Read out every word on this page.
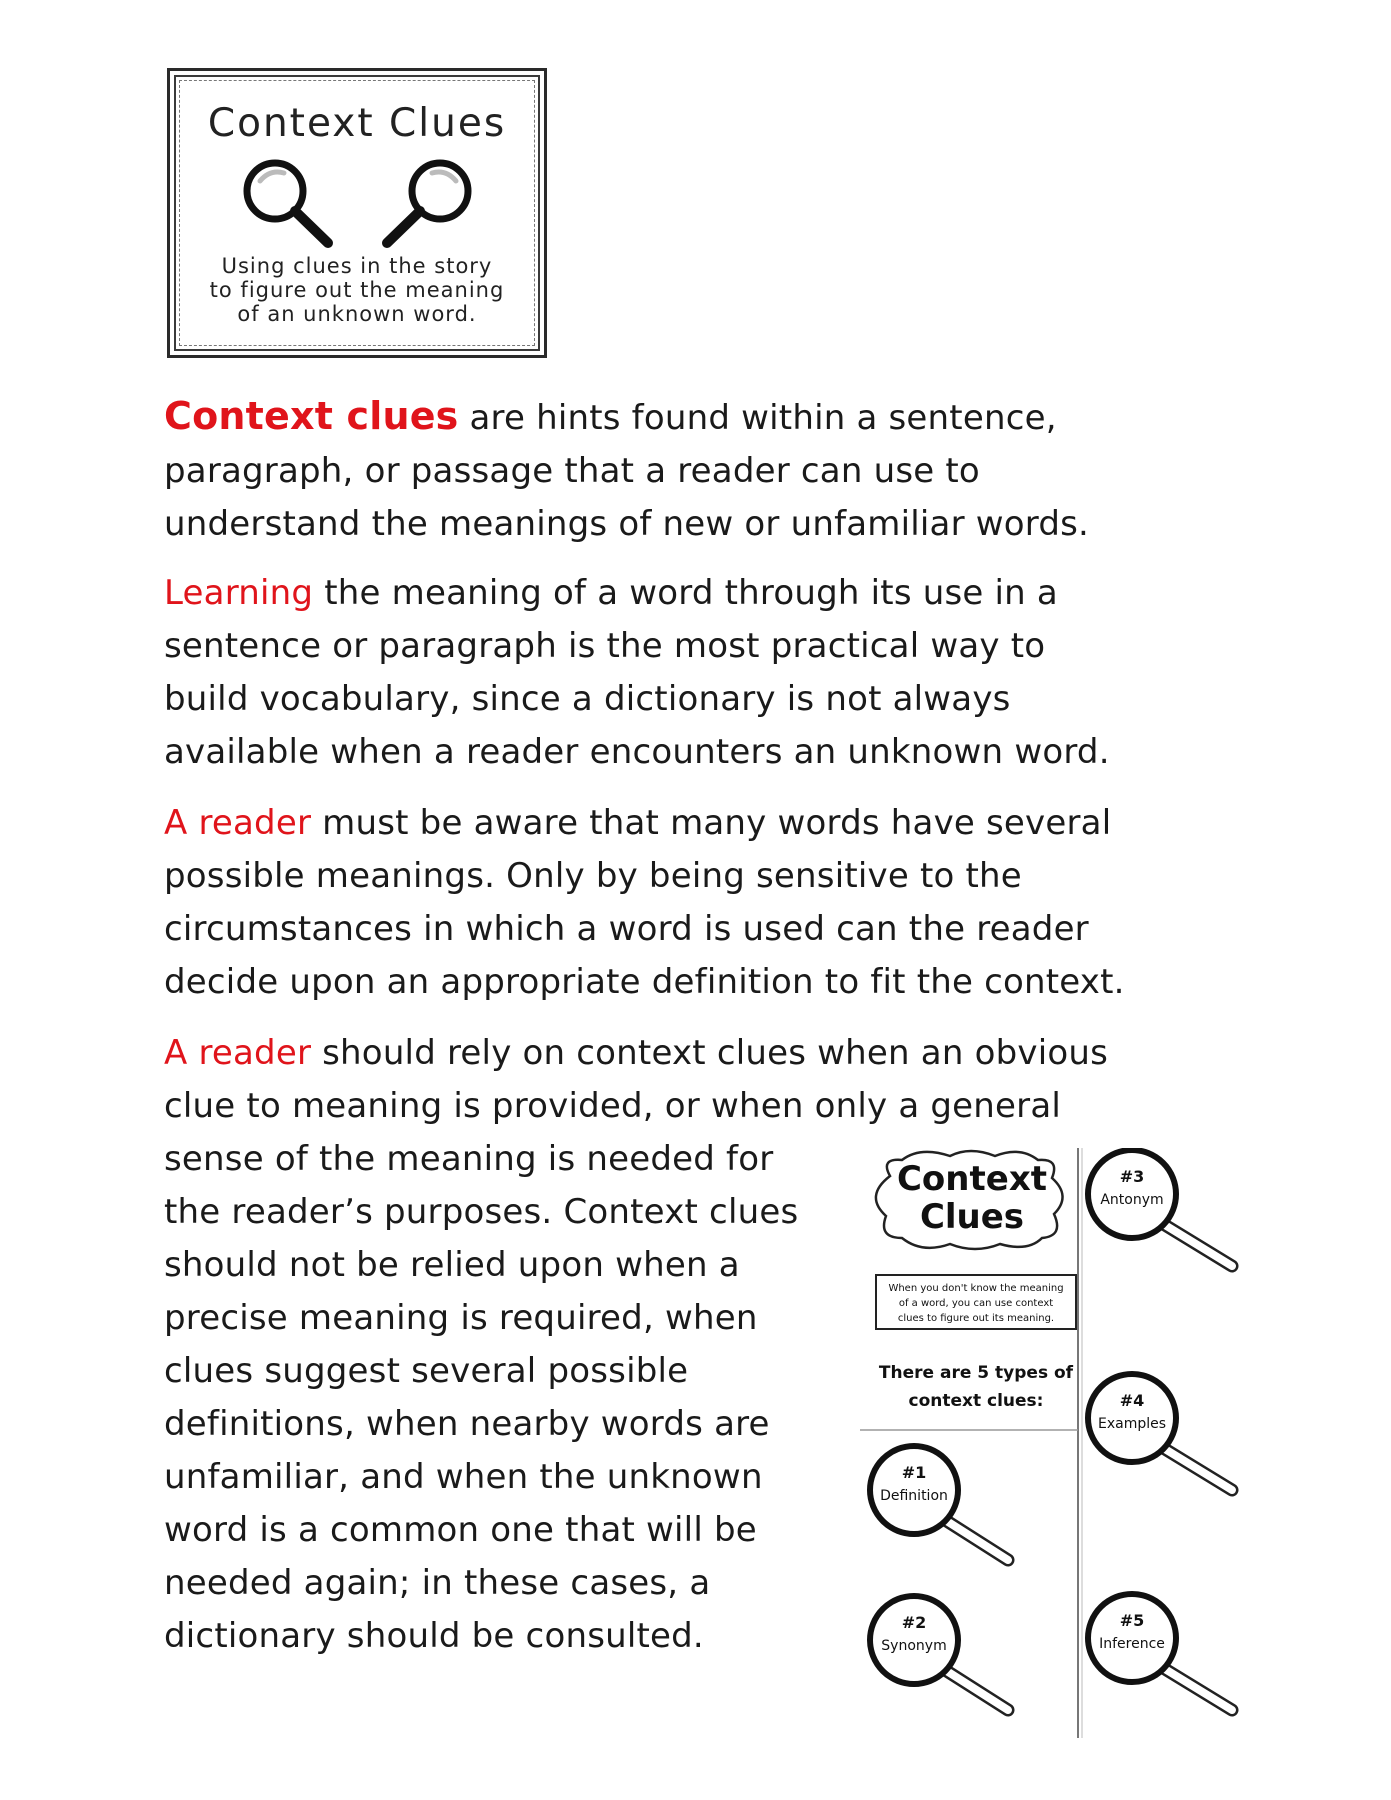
Context Clues
Using clues in the story
to figure out the meaning
of an unknown word.

Context clues are hints found within a sentence,
paragraph, or passage that a reader can use to
understand the meanings of new or unfamiliar words.

Learning the meaning of a word through its use in a
sentence or paragraph is the most practical way to
build vocabulary, since a dictionary is not always
available when a reader encounters an unknown word.

A reader must be aware that many words have several
possible meanings. Only by being sensitive to the
circumstances in which a word is used can the reader
decide upon an appropriate definition to fit the context.

A reader should rely on context clues when an obvious
clue to meaning is provided, or when only a general
sense of the meaning is needed for
the reader’s purposes. Context clues
should not be relied upon when a
precise meaning is required, when
clues suggest several possible
definitions, when nearby words are
unfamiliar, and when the unknown
word is a common one that will be
needed again; in these cases, a
dictionary should be consulted.

Context
Clues
When you don't know the meaning
of a word, you can use context
clues to figure out its meaning.
There are 5 types of
context clues:
#1
Definition
#2
Synonym
#3
Antonym
#4
Examples
#5
Inference
